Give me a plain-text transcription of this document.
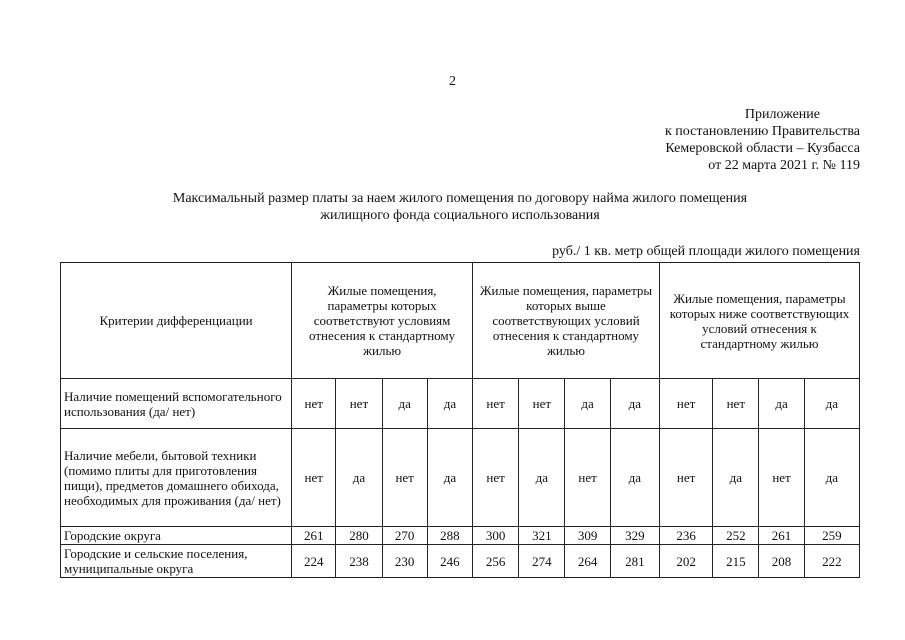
2
Приложение
к постановлению Правительства
Кемеровской области – Кузбасса
от 22 марта 2021 г. № 119
Максимальный размер платы за наем жилого помещения по договору найма жилого помещения
жилищного фонда социального использования
руб./ 1 кв. метр общей площади жилого помещения
Критерии дифференциации	Жилые помещения, параметры которых соответствуют условиям отнесения к стандартному жилью				Жилые помещения, параметры которых выше соответствующих условий отнесения к стандартному жилью				Жилые помещения, параметры которых ниже соответствующих условий отнесения к стандартному жилью			
Наличие помещений вспомогательного использования (да/ нет)	нет	нет	да	да	нет	нет	да	да	нет	нет	да	да
Наличие мебели, бытовой техники (помимо плиты для приготовления пищи), предметов домашнего обихода, необходимых для проживания (да/ нет)	нет	да	нет	да	нет	да	нет	да	нет	да	нет	да
Городские округа	261	280	270	288	300	321	309	329	236	252	261	259
Городские и сельские поселения, муниципальные округа	224	238	230	246	256	274	264	281	202	215	208	222
